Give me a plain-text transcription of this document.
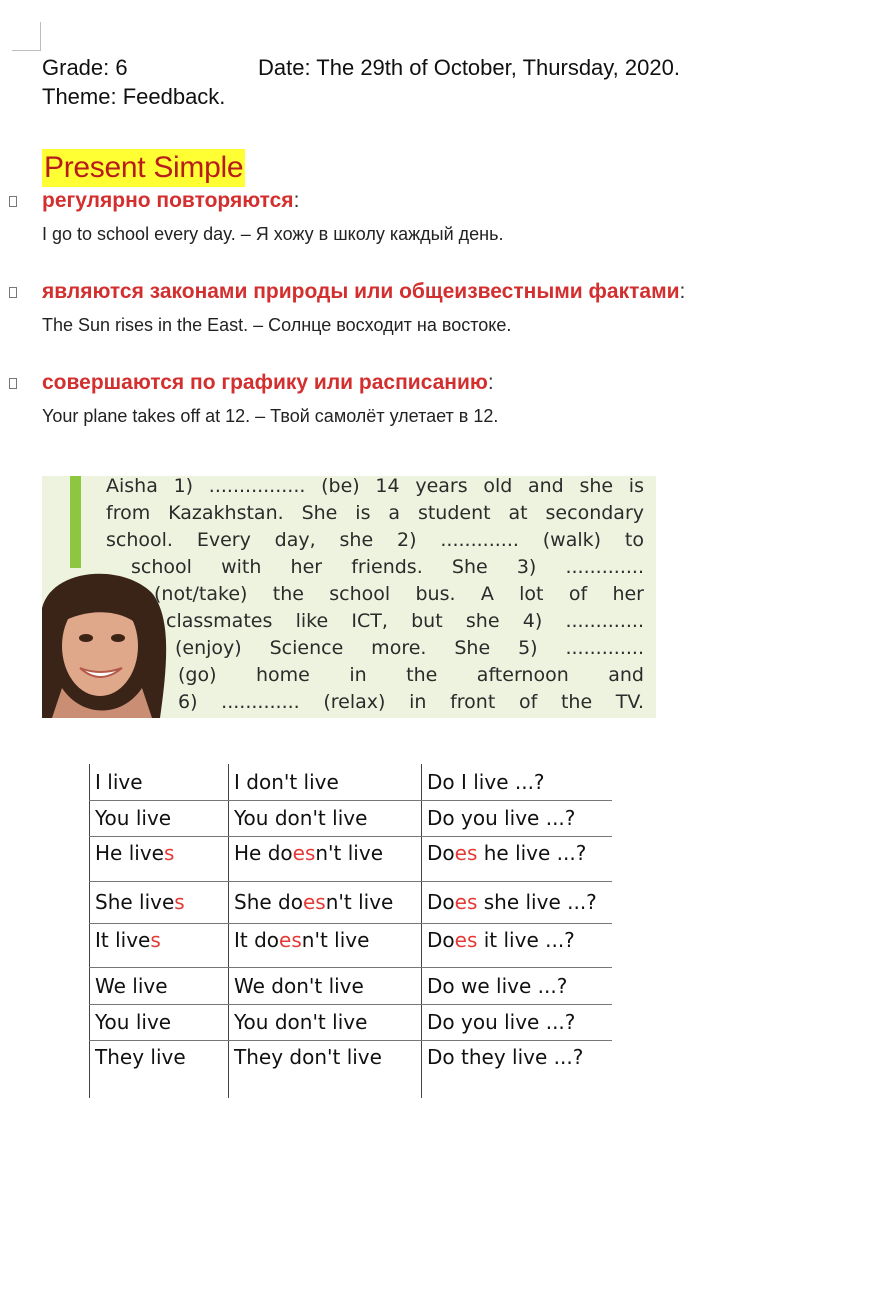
Grade: 6	Date: The 29th of October, Thursday, 2020.
Theme: Feedback.
Present Simple
регулярно повторяются:
I go to school every day. – Я хожу в школу каждый день.
являются законами природы или общеизвестными фактами:
The Sun rises in the East. – Солнце восходит на востоке.
совершаются по графику или расписанию:
Your plane takes off at 12. – Твой самолёт улетает в 12.
Aisha 1) ................ (be) 14 years old and she is
from Kazakhstan. She is a student at secondary
school. Every day, she 2) ............. (walk) to
school with her friends. She 3) .............
(not/take) the school bus. A lot of her
classmates like ICT, but she 4) .............
(enjoy) Science more. She 5) .............
(go) home in the afternoon and
6) ............. (relax) in front of the TV.
I live	I don't live	Do I live ...?
You live	You don't live	Do you live ...?
He lives	He doesn't live	Does he live ...?
She lives	She doesn't live	Does she live ...?
It lives	It doesn't live	Does it live ...?
We live	We don't live	Do we live ...?
You live	You don't live	Do you live ...?
They live	They don't live	Do they live ...?
